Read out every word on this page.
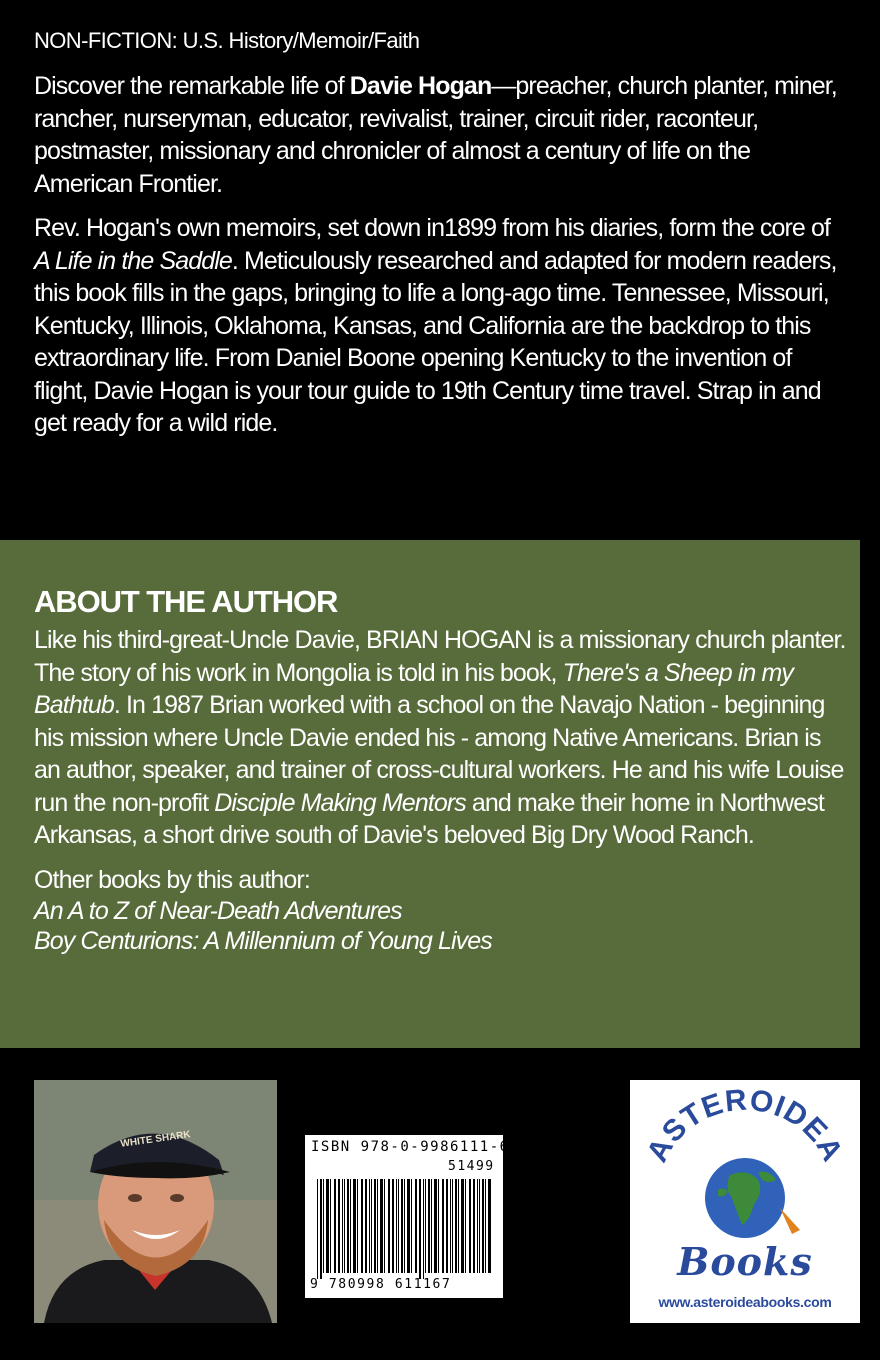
NON-FICTION: U.S. History/Memoir/Faith

Discover the remarkable life of Davie Hogan—preacher, church planter, miner, rancher, nurseryman, educator, revivalist, trainer, circuit rider, raconteur, postmaster, missionary and chronicler of almost a century of life on the American Frontier.

Rev. Hogan's own memoirs, set down in1899 from his diaries, form the core of A Life in the Saddle. Meticulously researched and adapted for modern readers, this book fills in the gaps, bringing to life a long-ago time. Tennessee, Missouri, Kentucky, Illinois, Oklahoma, Kansas, and California are the backdrop to this extraordinary life. From Daniel Boone opening Kentucky to the invention of flight, Davie Hogan is your tour guide to 19th Century time travel. Strap in and get ready for a wild ride.

ABOUT THE AUTHOR

Like his third-great-Uncle Davie, BRIAN HOGAN is a missionary church planter. The story of his work in Mongolia is told in his book, There's a Sheep in my Bathtub. In 1987 Brian worked with a school on the Navajo Nation - beginning his mission where Uncle Davie ended his - among Native Americans. Brian is an author, speaker, and trainer of cross-cultural workers. He and his wife Louise run the non-profit Disciple Making Mentors and make their home in Northwest Arkansas, a short drive south of Davie's beloved Big Dry Wood Ranch.

Other books by this author:

An A to Z of Near-Death Adventures

Boy Centurions: A Millennium of Young Lives

WHITE SHARK	ISBN 978-0-9986111-6-7
51499
9 780998 611167
ASTEROIDEA
Books
www.asteroideabooks.com
